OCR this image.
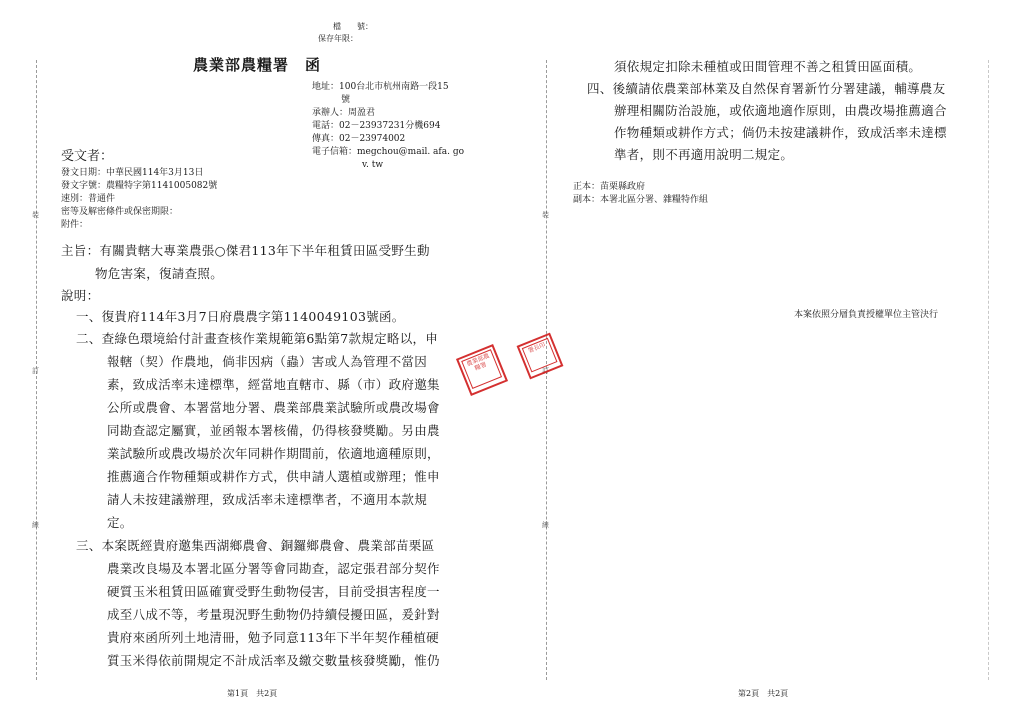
裝
訂
線
裝
訂
線
檔　　號：
保存年限：
農業部農糧署　函
地址：100台北市杭州南路一段15
號
承辦人：周盈君
電話：02－23937231分機694
傳真：02－23974002
電子信箱：megchou@mail. afa. go
v. tw
受文者：
發文日期：中華民國114年3月13日
發文字號：農糧特字第1141005082號
速別：普通件
密等及解密條件或保密期限：
附件：
主旨：有關貴轄大專業農張○傑君113年下半年租賃田區受野生動
物危害案，復請查照。
說明：
一、復貴府114年3月7日府農農字第1140049103號函。
二、查綠色環境給付計畫查核作業規範第6點第7款規定略以，申
報轄（契）作農地，倘非因病（蟲）害或人為管理不當因
素，致成活率未達標準，經當地直轄市、縣（市）政府邀集
公所或農會、本署當地分署、農業部農業試驗所或農改場會
同勘查認定屬實，並函報本署核備，仍得核發獎勵。另由農
業試驗所或農改場於次年同耕作期間前，依適地適種原則，
推薦適合作物種類或耕作方式，供申請人選植或辦理；惟申
請人未按建議辦理，致成活率未達標準者，不適用本款規
定。
三、本案既經貴府邀集西湖鄉農會、銅鑼鄉農會、農業部苗栗區
農業改良場及本署北區分署等會同勘查，認定張君部分契作
硬質玉米租賃田區確實受野生動物侵害，目前受損害程度一
成至八成不等，考量現況野生動物仍持續侵擾田區，爰針對
貴府來函所列土地清冊，勉予同意113年下半年契作種植硬
質玉米得依前開規定不計成活率及繳交數量核發獎勵，惟仍
第1頁　共2頁
農業部農糧署
署長印
須依規定扣除未種植或田間管理不善之租賃田區面積。
四、後續請依農業部林業及自然保育署新竹分署建議，輔導農友
辦理相關防治設施，或依適地適作原則，由農改場推薦適合
作物種類或耕作方式；倘仍未按建議耕作，致成活率未達標
準者，則不再適用說明二規定。
正本：苗栗縣政府
副本：本署北區分署、雜糧特作組
本案依照分層負責授權單位主管決行
第2頁　共2頁
